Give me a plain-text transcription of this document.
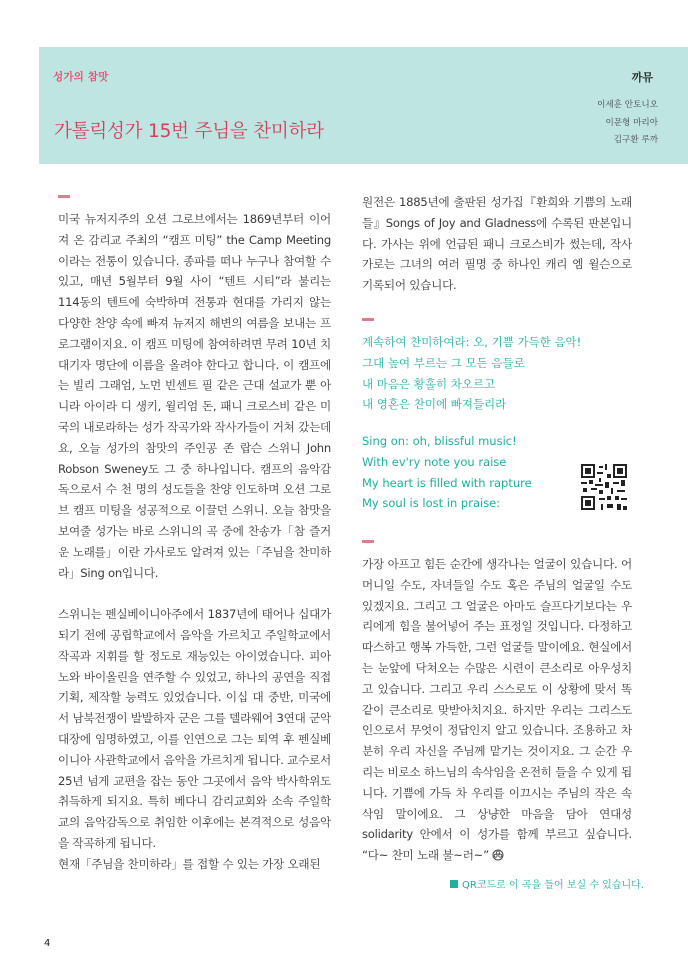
성가의 참맛	까뮤
가톨릭성가 15번 주님을 찬미하라
이세훈 안토니오
이문형 마리아
김구환 루까

미국 뉴저지주의 오션 그로브에서는 1869년부터 이어져 온 감리교 주최의 “캠프 미팅” the Camp Meeting이라는 전통이 있습니다. 종파를 떠나 누구나 참여할 수 있고, 매년 5월부터 9월 사이 “텐트 시티”라 불리는 114동의 텐트에 숙박하며 전통과 현대를 가리지 않는 다양한 찬양 속에 빠져 뉴저지 해변의 여름을 보내는 프로그램이지요. 이 캠프 미팅에 참여하려면 무려 10년 치 대기자 명단에 이름을 올려야 한다고 합니다. 이 캠프에는 빌리 그래엄, 노먼 빈센트 필 같은 근대 설교가 뿐 아니라 아이라 디 생키, 윌리엄 돈, 패니 크로스비 같은 미국의 내로라하는 성가 작곡가와 작사가들이 거쳐 갔는데요, 오늘 성가의 참맛의 주인공 존 랍슨 스위니 John Robson Sweney도 그 중 하나입니다. 캠프의 음악감독으로서 수 천 명의 성도들을 찬양 인도하며 오션 그로브 캠프 미팅을 성공적으로 이끌던 스위니. 오늘 참맛을 보여줄 성가는 바로 스위니의 곡 중에 찬송가「참 즐거운 노래를」이란 가사로도 알려져 있는「주님을 찬미하라」Sing on입니다.

스위니는 펜실베이니아주에서 1837년에 태어나 십대가 되기 전에 공립학교에서 음악을 가르치고 주일학교에서 작곡과 지휘를 할 정도로 재능있는 아이였습니다. 피아노와 바이올린을 연주할 수 있었고, 하나의 공연을 직접 기획, 제작할 능력도 있었습니다. 이십 대 중반, 미국에서 남북전쟁이 발발하자 군은 그를 델라웨어 3연대 군악대장에 임명하였고, 이를 인연으로 그는 퇴역 후 펜실베이니아 사관학교에서 음악을 가르치게 됩니다. 교수로서 25년 넘게 교편을 잡는 동안 그곳에서 음악 박사학위도 취득하게 되지요. 특히 베다니 감리교회와 소속 주일학교의 음악감독으로 취임한 이후에는 본격적으로 성음악을 작곡하게 됩니다.

현재「주님을 찬미하라」를 접할 수 있는 가장 오래된

원전은 1885년에 출판된 성가집『환희와 기쁨의 노래들』Songs of Joy and Gladness에 수록된 판본입니다. 가사는 위에 언급된 패니 크로스비가 썼는데, 작사가로는 그녀의 여러 필명 중 하나인 캐리 엠 윌슨으로 기록되어 있습니다.

계속하여 찬미하여라: 오, 기쁨 가득한 음악!
그대 높여 부르는 그 모든 음들로
내 마음은 황홀히 차오르고
내 영혼은 찬미에 빠져들리라
Sing on: oh, blissful music!
With ev'ry note you raise
My heart is filled with rapture
My soul is lost in praise:

가장 아프고 힘든 순간에 생각나는 얼굴이 있습니다. 어머니일 수도, 자녀들일 수도 혹은 주님의 얼굴일 수도 있겠지요. 그리고 그 얼굴은 아마도 슬프다기보다는 우리에게 힘을 불어넣어 주는 표정일 것입니다. 다정하고 따스하고 행복 가득한, 그런 얼굴들 말이에요. 현실에서는 눈앞에 닥쳐오는 수많은 시련이 큰소리로 아우성치고 있습니다. 그리고 우리 스스로도 이 상황에 맞서 똑같이 큰소리로 맞받아치지요. 하지만 우리는 그리스도인으로서 무엇이 정답인지 알고 있습니다. 조용하고 차분히 우리 자신을 주님께 맡기는 것이지요. 그 순간 우리는 비로소 하느님의 속삭임을 온전히 들을 수 있게 됩니다. 기쁨에 가득 차 우리를 이끄시는 주님의 작은 속삭임 말이에요. 그 상냥한 마음을 담아 연대성 solidarity 안에서 이 성가를 함께 부르고 싶습니다. “다~ 찬미 노래 불~러~”

QR코드로 이 곡을 들어 보실 수 있습니다.
4
